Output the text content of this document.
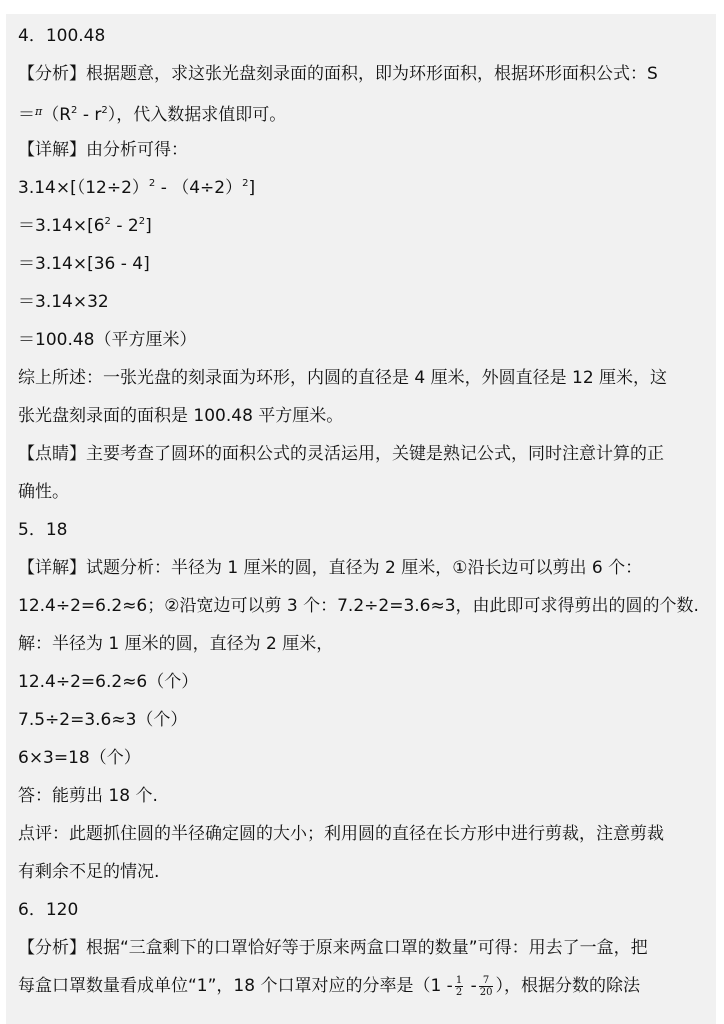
4．100.48
【分析】根据题意，求这张光盘刻录面的面积，即为环形面积，根据环形面积公式：S
$=^\pi(R^2 - r^2)$，代入数据求值即可。
【详解】由分析可得：
$3.14\times[(12\div 2)^2 - (4\div 2)^2]$
$=3.14\times[6^2 - 2^2]$
＝3.14×[36 - 4]
＝3.14×32
＝100.48（平方厘米）
综上所述：一张光盘的刻录面为环形，内圆的直径是 4 厘米，外圆直径是 12 厘米，这
张光盘刻录面的面积是 100.48 平方厘米。
【点睛】主要考查了圆环的面积公式的灵活运用，关键是熟记公式，同时注意计算的正
确性。
5．18
【详解】试题分析：半径为 1 厘米的圆，直径为 2 厘米，①沿长边可以剪出 6 个：
12.4÷2=6.2≈6；②沿宽边可以剪 3 个：7.2÷2=3.6≈3，由此即可求得剪出的圆的个数.
解：半径为 1 厘米的圆，直径为 2 厘米，
12.4÷2=6.2≈6（个）
7.5÷2=3.6≈3（个）
6×3=18（个）
答：能剪出 18 个.
点评：此题抓住圆的半径确定圆的大小；利用圆的直径在长方形中进行剪裁，注意剪裁
有剩余不足的情况.
6．120
【分析】根据“三盒剩下的口罩恰好等于原来两盒口罩的数量”可得：用去了一盒，把
每盒口罩数量看成单位“1”，18 个口罩对应的分率是（$1 - \frac{1}{2} - \frac{7}{20}$ ），根据分数的除法
